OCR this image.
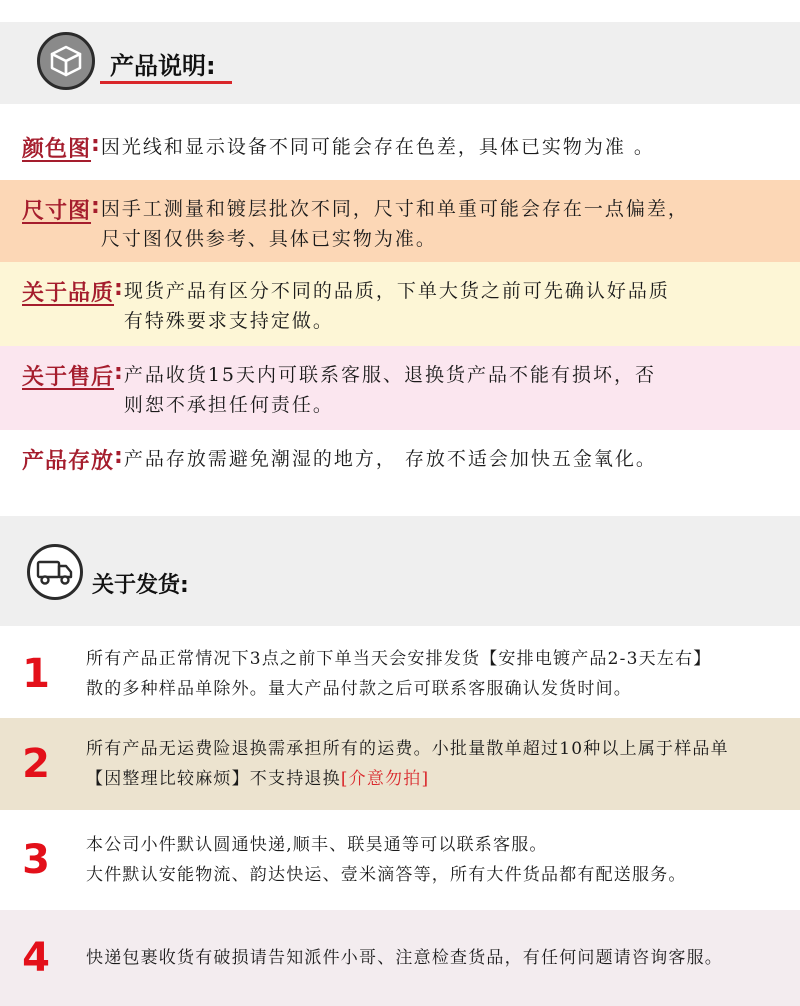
产品说明:
颜色图 : 因光线和显示设备不同可能会存在色差，具体已实物为准 。
尺寸图 : 因手工测量和镀层批次不同，尺寸和单重可能会存在一点偏差，
尺寸图仅供参考、具体已实物为准。
关于品质 : 现货产品有区分不同的品质，下单大货之前可先确认好品质
有特殊要求支持定做。
关于售后 : 产品收货15天内可联系客服、退换货产品不能有损坏，否
则恕不承担任何责任。
产品存放 : 产品存放需避免潮湿的地方， 存放不适会加快五金氧化。
关于发货:
1	所有产品正常情况下3点之前下单当天会安排发货【安排电镀产品2-3天左右】
散的多种样品单除外。量大产品付款之后可联系客服确认发货时间。
2	所有产品无运费险退换需承担所有的运费。小批量散单超过10种以上属于样品单
【因整理比较麻烦】不支持退换[介意勿拍]
3	本公司小件默认圆通快递,顺丰、联昊通等可以联系客服。
大件默认安能物流、韵达快运、壹米滴答等，所有大件货品都有配送服务。
4	快递包裹收货有破损请告知派件小哥、注意检查货品，有任何问题请咨询客服。
